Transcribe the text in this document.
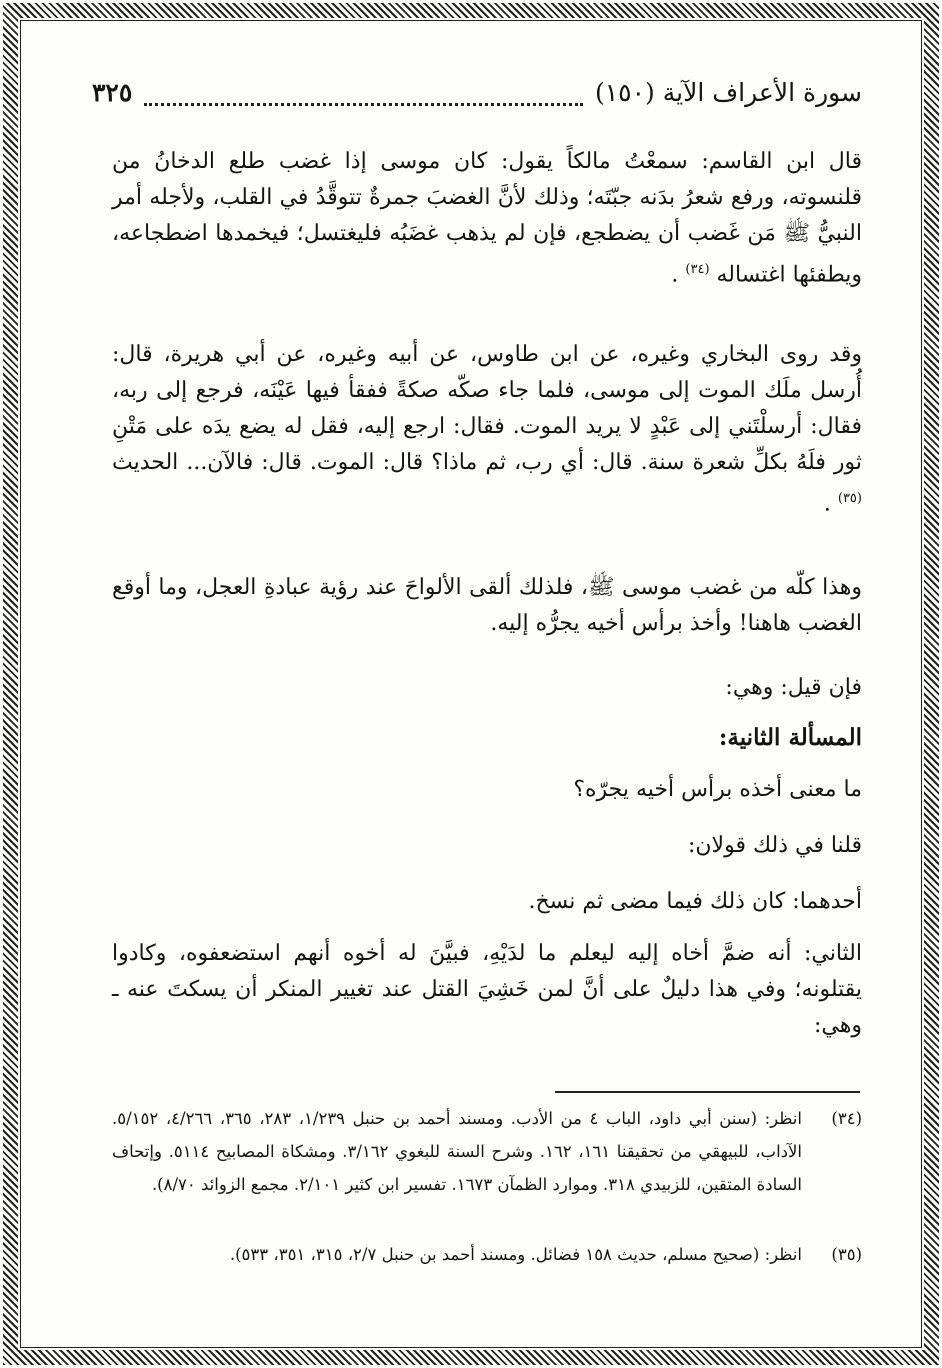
سورة الأعراف الآية (١٥٠)
٣٢٥
قال ابن القاسم: سمعْتُ مالكاً يقول: كان موسى إذا غضب طلع الدخانُ من قلنسوته، ورفع شعرُ بدَنه جبّتَه؛ وذلك لأنَّ الغضبَ جمرةٌ تتوقَّدُ في القلب، ولأجله أمر النبيُّ ﷺ مَن غَضب أن يضطجع، فإن لم يذهب غضَبُه فليغتسل؛ فيخمدها اضطجاعه، ويطفئها اغتساله $^{(٣٤)}$ .
وقد روى البخاري وغيره، عن ابن طاوس، عن أبيه وغيره، عن أبي هريرة، قال: أُرسل ملَك الموت إلى موسى، فلما جاء صكّه صكةً ففقأ فيها عَيْنَه، فرجع إلى ربه، فقال: أرسلْتَني إلى عَبْدٍ لا يريد الموت. فقال: ارجع إليه، فقل له يضع يدَه على مَتْنِ ثور فلَهُ بكلِّ شعرة سنة. قال: أي رب، ثم ماذا؟ قال: الموت. قال: فالآن... الحديث $^{(٣٥)}$ .
وهذا كلّه من غضب موسى ﷺ، فلذلك ألقى الألواحَ عند رؤية عبادةِ العجل، وما أوقع الغضب هاهنا! وأخذ برأس أخيه يجرُّه إليه.
فإن قيل: وهي:
المسألة الثانية:
ما معنى أخذه برأس أخيه يجرّه؟
قلنا في ذلك قولان:
أحدهما: كان ذلك فيما مضى ثم نسخ.
الثاني: أنه ضمَّ أخاه إليه ليعلم ما لدَيْهِ، فبيَّنَ له أخوه أنهم استضعفوه، وكادوا يقتلونه؛ وفي هذا دليلٌ على أنَّ لمن خَشِيَ القتل عند تغيير المنكر أن يسكتَ عنه ـ وهي:
(٣٤)
انظر: (سنن أبي داود، الباب ٤ من الأدب. ومسند أحمد بن حنبل ١/٢٣٩، ٢٨٣، ٣٦٥، ٤/٢٦٦، ٥/١٥٢. الآداب، للبيهقي من تحقيقنا ١٦١، ١٦٢. وشرح السنة للبغوي ٣/١٦٢. ومشكاة المصابيح ٥١١٤. وإتحاف السادة المتقين، للزبيدي ٣١٨. وموارد الظمآن ١٦٧٣. تفسير ابن كثير ٢/١٠١. مجمع الزوائد ٨/٧٠).
(٣٥)
انظر: (صحيح مسلم، حديث ١٥٨ فضائل. ومسند أحمد بن حنبل ٢/٧، ٣١٥، ٣٥١، ٥٣٣).
